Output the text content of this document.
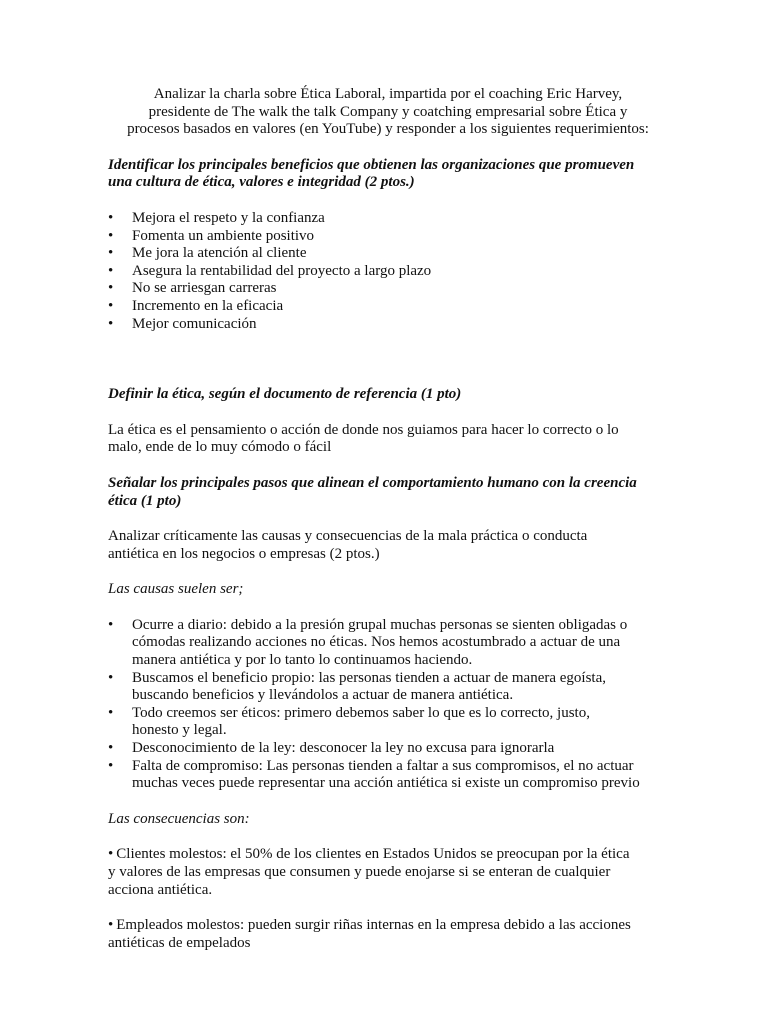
Analizar la charla sobre Ética Laboral, impartida por el coaching Eric Harvey,
presidente de The walk the talk Company y coatching empresarial sobre Ética y
procesos basados en valores (en YouTube) y responder a los siguientes requerimientos:

Identificar los principales beneficios que obtienen las organizaciones que promueven
una cultura de ética, valores e integridad (2 ptos.)

• Mejora el respeto y la confianza
• Fomenta un ambiente positivo
• Me jora la atención al cliente
• Asegura la rentabilidad del proyecto a largo plazo
• No se arriesgan carreras
• Incremento en la eficacia
• Mejor comunicación

Definir la ética, según el documento de referencia (1 pto)

La ética es el pensamiento o acción de donde nos guiamos para hacer lo correcto o lo
malo, ende de lo muy cómodo o fácil

Señalar los principales pasos que alinean el comportamiento humano con la creencia
ética (1 pto)

Analizar críticamente las causas y consecuencias de la mala práctica o conducta
antiética en los negocios o empresas (2 ptos.)

Las causas suelen ser;

• Ocurre a diario: debido a la presión grupal muchas personas se sienten obligadas o
cómodas realizando acciones no éticas. Nos hemos acostumbrado a actuar de una
manera antiética y por lo tanto lo continuamos haciendo.
• Buscamos el beneficio propio: las personas tienden a actuar de manera egoísta,
buscando beneficios y llevándolos a actuar de manera antiética.
• Todo creemos ser éticos: primero debemos saber lo que es lo correcto, justo,
honesto y legal.
• Desconocimiento de la ley: desconocer la ley no excusa para ignorarla
• Falta de compromiso: Las personas tienden a faltar a sus compromisos, el no actuar
muchas veces puede representar una acción antiética si existe un compromiso previo

Las consecuencias son:

• Clientes molestos: el 50% de los clientes en Estados Unidos se preocupan por la ética
y valores de las empresas que consumen y puede enojarse si se enteran de cualquier
acciona antiética.

• Empleados molestos: pueden surgir riñas internas en la empresa debido a las acciones
antiéticas de empelados
